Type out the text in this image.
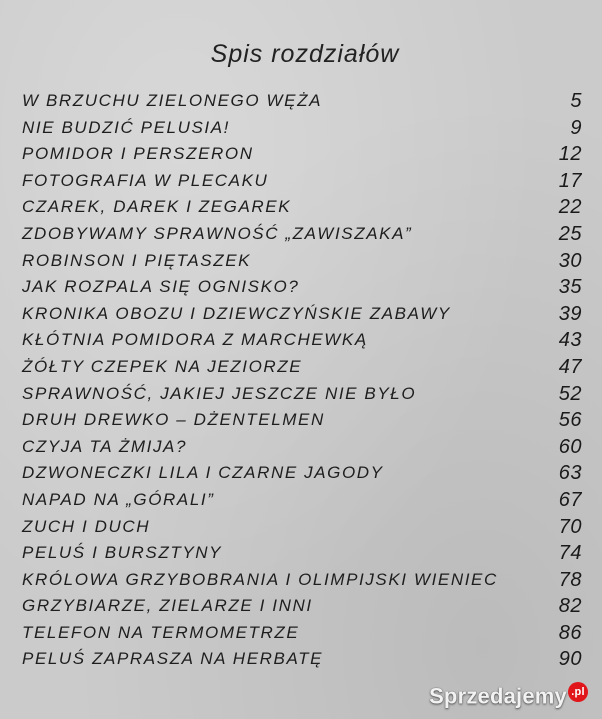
Spis rozdziałów
W BRZUCHU ZIELONEGO WĘŻA	5
NIE BUDZIĆ PELUSIA!	9
POMIDOR I PERSZERON	12
FOTOGRAFIA W PLECAKU	17
CZAREK, DAREK I ZEGAREK	22
ZDOBYWAMY SPRAWNOŚĆ „ZAWISZAKA”	25
ROBINSON I PIĘTASZEK	30
JAK ROZPALA SIĘ OGNISKO?	35
KRONIKA OBOZU I DZIEWCZYŃSKIE ZABAWY	39
KŁÓTNIA POMIDORA Z MARCHEWKĄ	43
ŻÓŁTY CZEPEK NA JEZIORZE	47
SPRAWNOŚĆ, JAKIEJ JESZCZE NIE BYŁO	52
DRUH DREWKO – DŻENTELMEN	56
CZYJA TA ŻMIJA?	60
DZWONECZKI LILA I CZARNE JAGODY	63
NAPAD NA „GÓRALI”	67
ZUCH I DUCH	70
PELUŚ I BURSZTYNY	74
KRÓLOWA GRZYBOBRANIA I OLIMPIJSKI WIENIEC	78
GRZYBIARZE, ZIELARZE I INNI	82
TELEFON NA TERMOMETRZE	86
PELUŚ ZAPRASZA NA HERBATĘ	90
Sprzedajemy .pl
